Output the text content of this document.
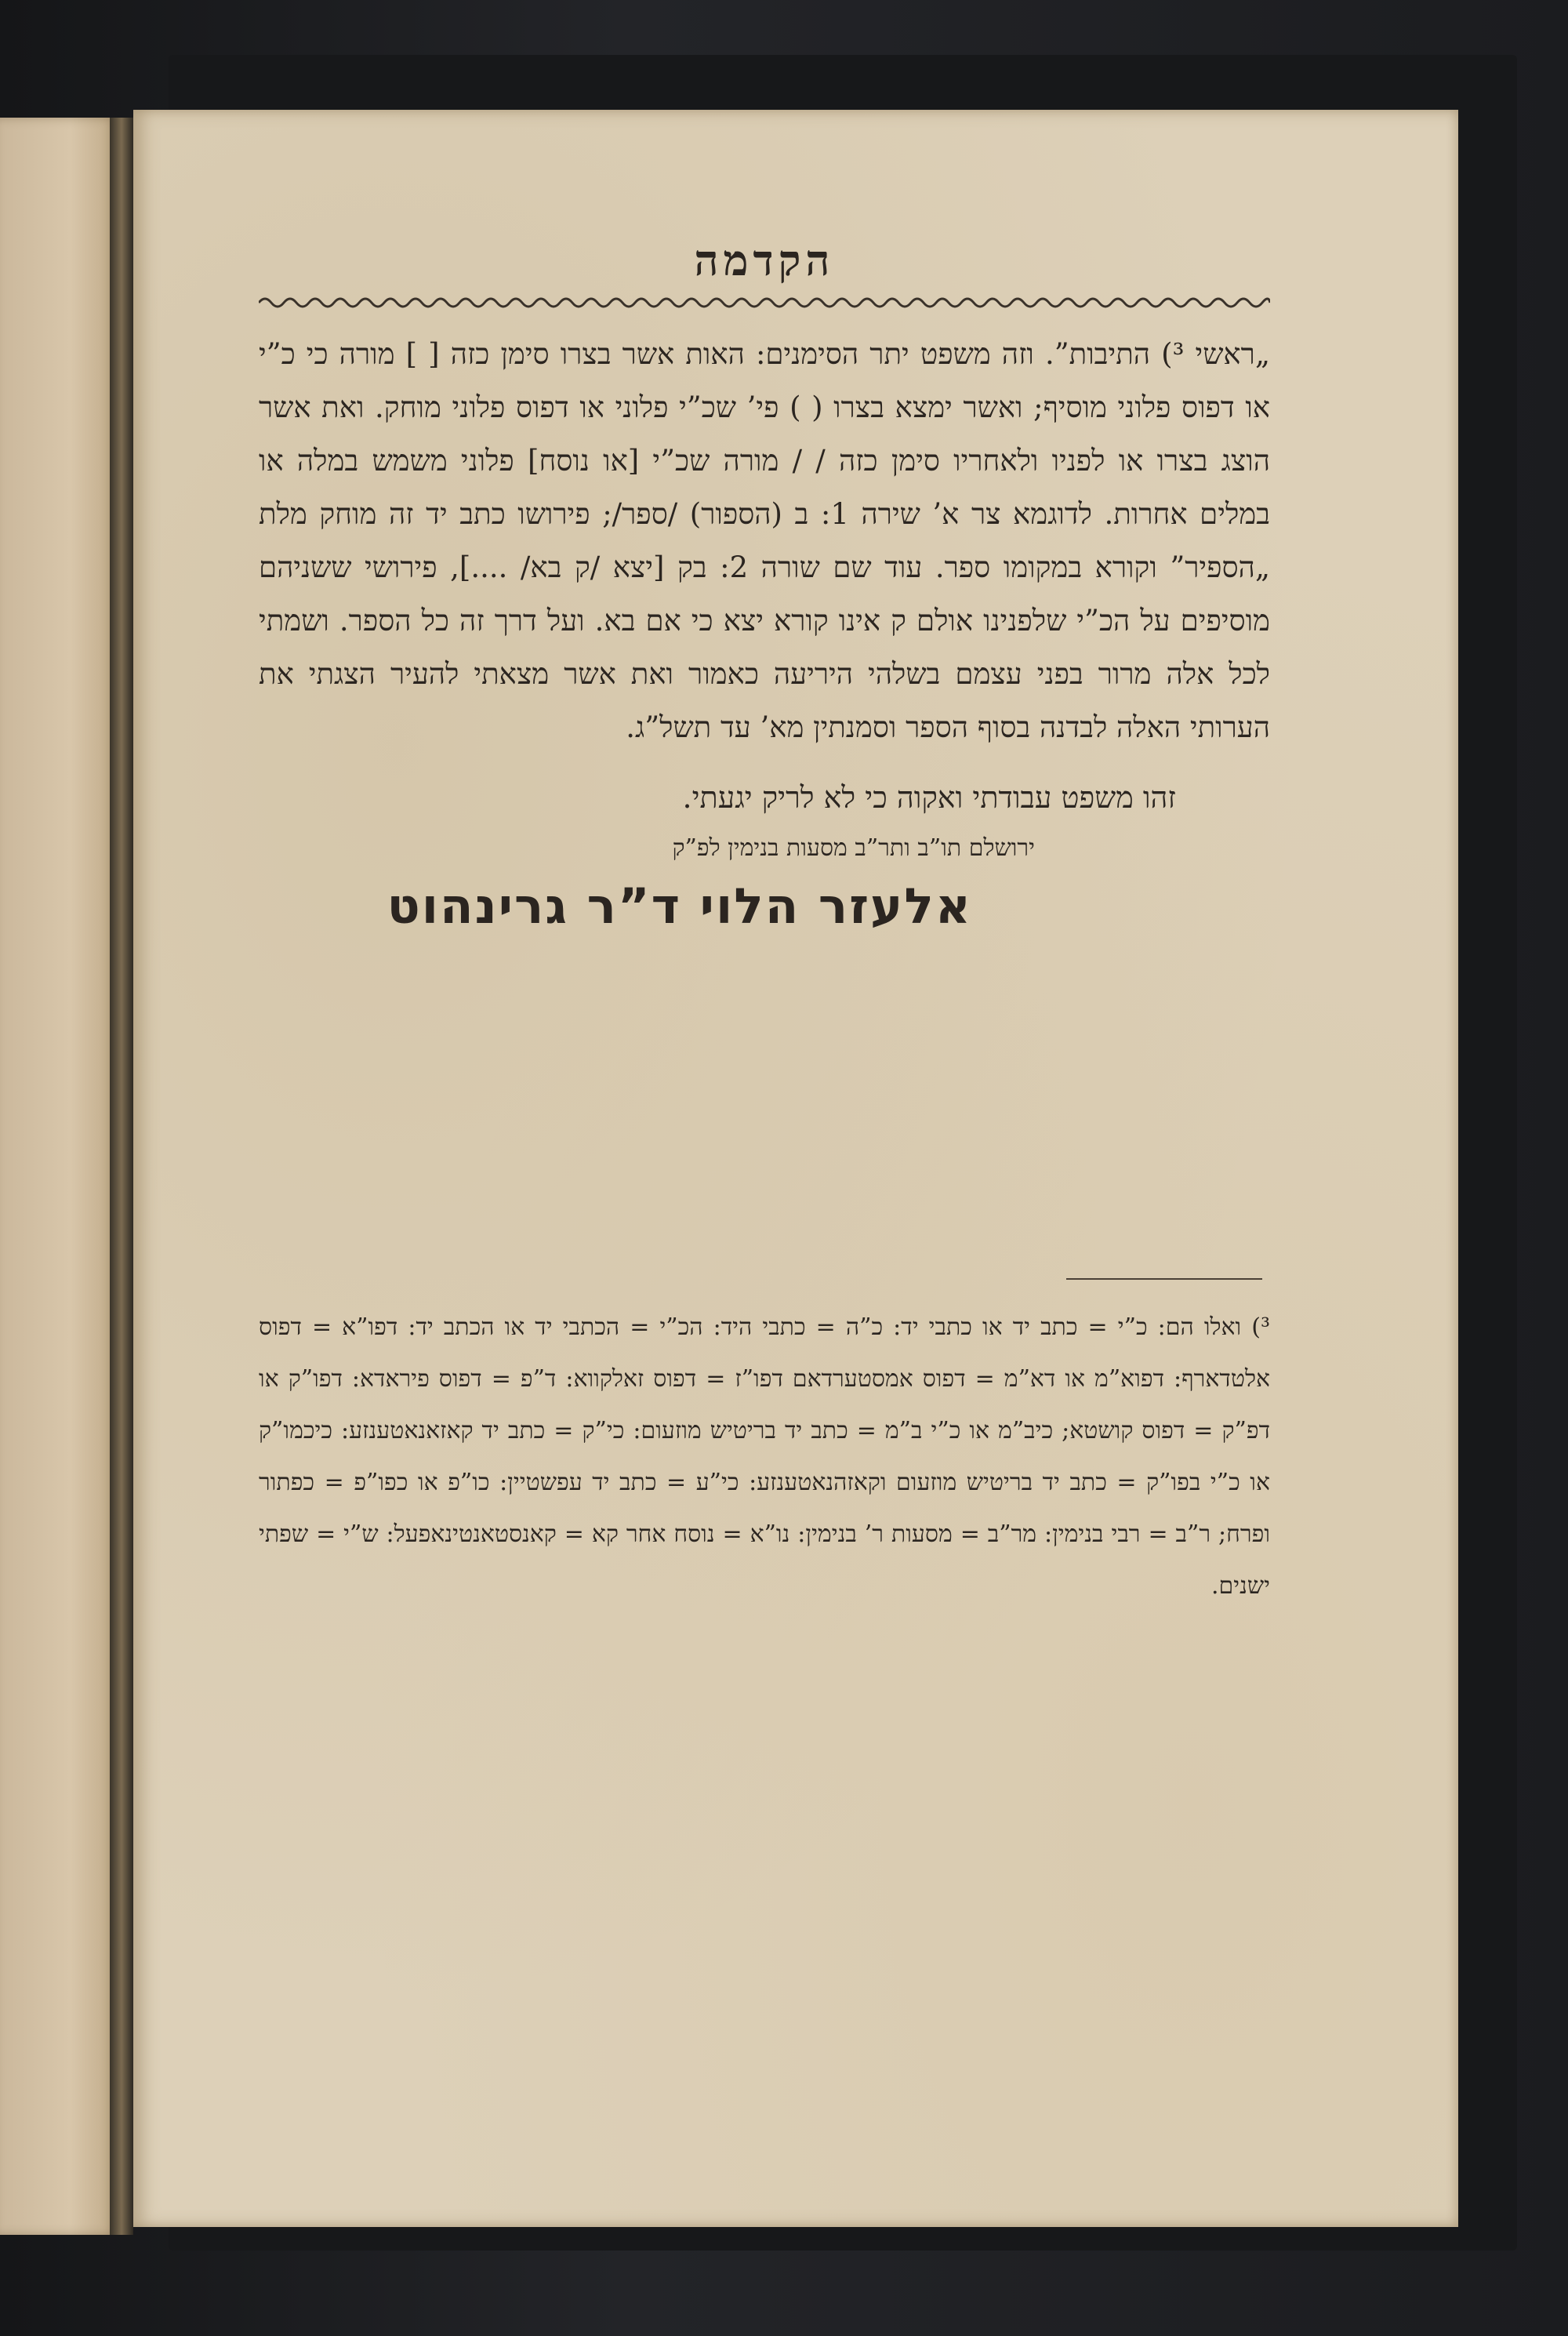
הקדמה

„ראשי ³) התיבות”. וזה משפט יתר הסימנים: האות אשר בצרו סימן כזה [ ] מורה כי כ”י או דפוס פלוני מוסיף; ואשר ימצא בצרו ( ) פי’ שכ”י פלוני או דפוס פלוני מוחק. ואת אשר הוצג בצרו או לפניו ולאחריו סימן כזה / / מורה שכ”י [או נוסח] פלוני משמש במלה או במלים אחרות. לדוגמא צר א’ שירה 1: ב (הספור) /ספר/; פירושו כתב יד זה מוחק מלת „הספיר” וקורא במקומו ספר. עוד שם שורה 2: בק [יצא /ק בא/ ....], פירושי ששניהם מוסיפים על הכ”י שלפנינו אולם ק אינו קורא יצא כי אם בא. ועל דרך זה כל הספר. ושמתי לכל אלה מרור בפני עצמם בשלהי היריעה כאמור ואת אשר מצאתי להעיר הצגתי את הערותי האלה לבדנה בסוף הספר וסמנתין מא’ עד תשל”ג.

זהו משפט עבודתי ואקוה כי לא לריק יגעתי.
ירושלם תו”ב ותר”ב מסעות בנימין לפ”ק
אלעזר הלוי ד”ר גרינהוט
³) ואלו הם: כ”י = כתב יד או כתבי יד: כ”ה = כתבי היד: הכ”י = הכתבי יד או הכתב יד: דפו”א = דפוס אלטדארף: דפוא”מ או דא”מ = דפוס אמסטערדאם דפו”ז = דפוס זאלקווא: ד”פ = דפוס פיראדא: דפו”ק או דפ”ק = דפוס קושטא; כיב”מ או כ”י ב”מ = כתב יד בריטיש מוזעום: כי”ק = כתב יד קאזאנאטענזע: כיכמו”ק או כ”י בפו”ק = כתב יד בריטיש מוזעום וקאזהנאטענזע: כי”ע = כתב יד עפשטיין: כו”פ או כפו”פ = כפתור ופרח; ר”ב = רבי בנימין: מר”ב = מסעות ר’ בנימין: נו”א = נוסח אחר קא = קאנסטאנטינאפעל: ש”י = שפתי ישנים.
